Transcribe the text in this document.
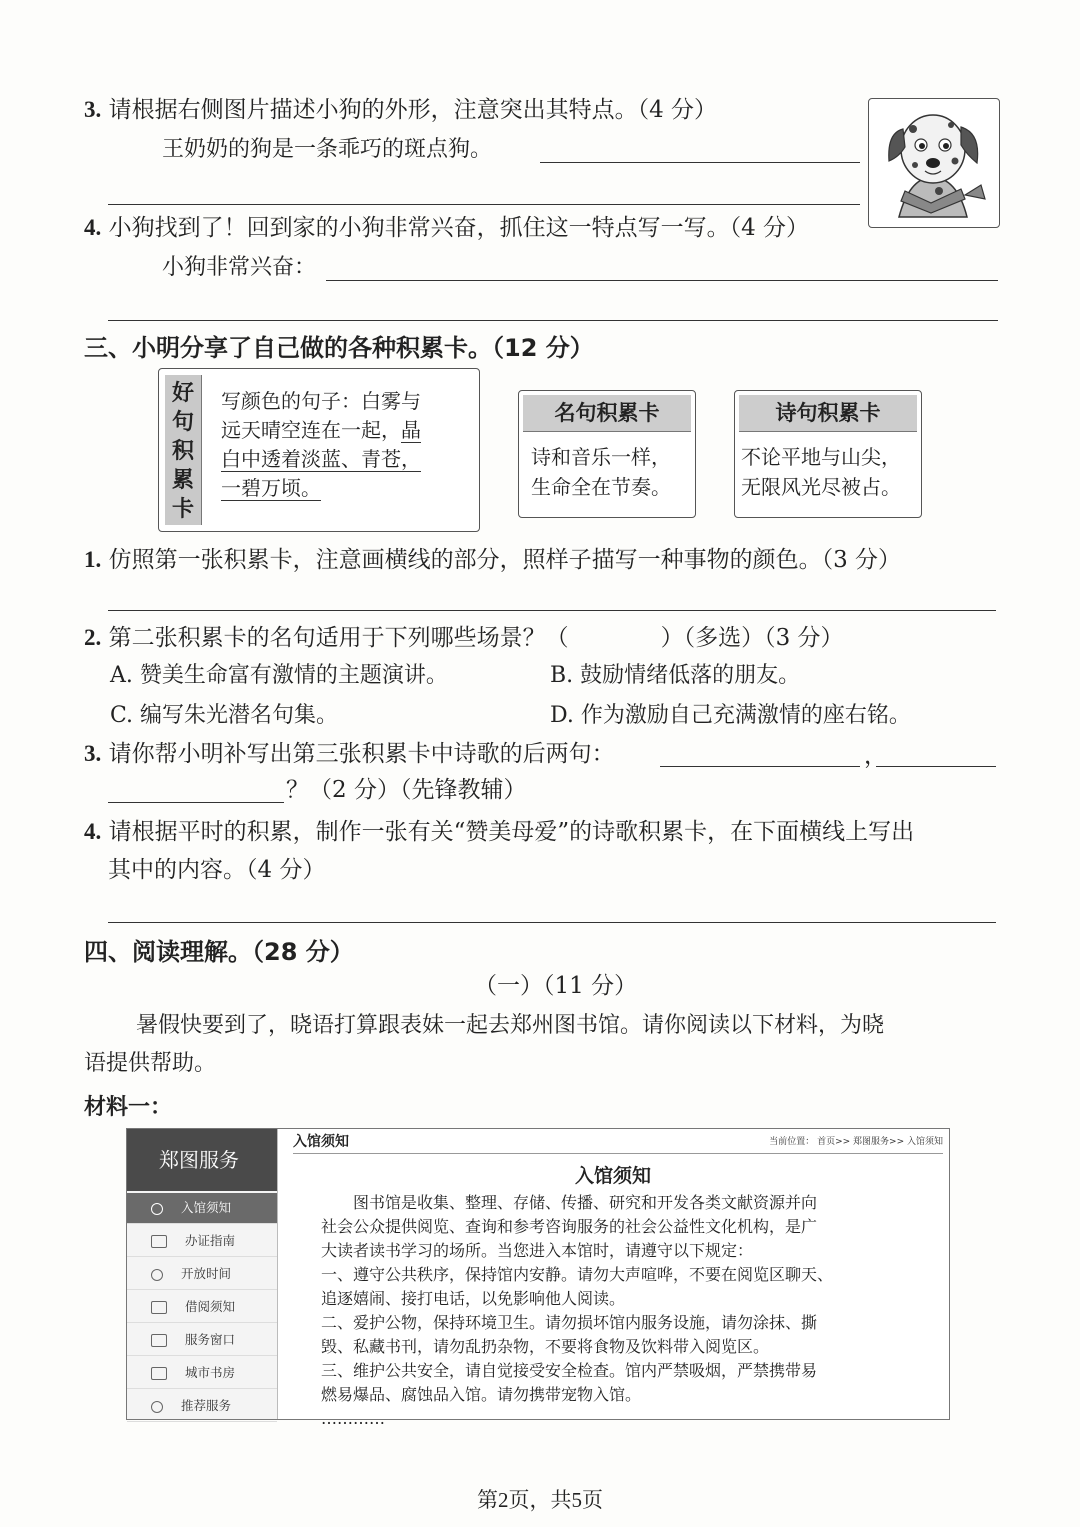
3. 请根据右侧图片描述小狗的外形，注意突出其特点。（4 分）
王奶奶的狗是一条乖巧的斑点狗。
4. 小狗找到了！回到家的小狗非常兴奋，抓住这一特点写一写。（4 分）
小狗非常兴奋：
三、小明分享了自己做的各种积累卡。（12 分）
好
句
积
累
卡
写颜色的句子：白雾与
远天晴空连在一起，晶
白中透着淡蓝、青苍，
一碧万顷。
名句积累卡
诗和音乐一样，
生命全在节奏。
诗句积累卡
不论平地与山尖，
无限风光尽被占。
1. 仿照第一张积累卡，注意画横线的部分，照样子描写一种事物的颜色。（3 分）
2. 第二张积累卡的名句适用于下列哪些场景？（　　　　）（多选）（3 分）
A. 赞美生命富有激情的主题演讲。	B. 鼓励情绪低落的朋友。
C. 编写朱光潜名句集。	D. 作为激励自己充满激情的座右铭。
3. 请你帮小明补写出第三张积累卡中诗歌的后两句：	，
？（2 分）（先锋教辅）
4. 请根据平时的积累，制作一张有关“赞美母爱”的诗歌积累卡，在下面横线上写出
其中的内容。（4 分）
四、阅读理解。（28 分）
（一）（11 分）
暑假快要到了，晓语打算跟表妹一起去郑州图书馆。请你阅读以下材料，为晓
语提供帮助。
材料一：
郑图服务
入馆须知
办证指南
开放时间
借阅须知
服务窗口
城市书房
推荐服务
入馆须知	当前位置： 首页>> 郑图服务>> 入馆须知
入馆须知
　　图书馆是收集、整理、存储、传播、研究和开发各类文献资源并向
社会公众提供阅览、查询和参考咨询服务的社会公益性文化机构，是广
大读者读书学习的场所。当您进入本馆时，请遵守以下规定：
一、遵守公共秩序，保持馆内安静。请勿大声喧哗，不要在阅览区聊天、
追逐嬉闹、接打电话，以免影响他人阅读。
二、爱护公物，保持环境卫生。请勿损坏馆内服务设施，请勿涂抹、撕
毁、私藏书刊，请勿乱扔杂物，不要将食物及饮料带入阅览区。
三、维护公共安全，请自觉接受安全检查。馆内严禁吸烟，严禁携带易
燃易爆品、腐蚀品入馆。请勿携带宠物入馆。
…………
第2页，共5页
